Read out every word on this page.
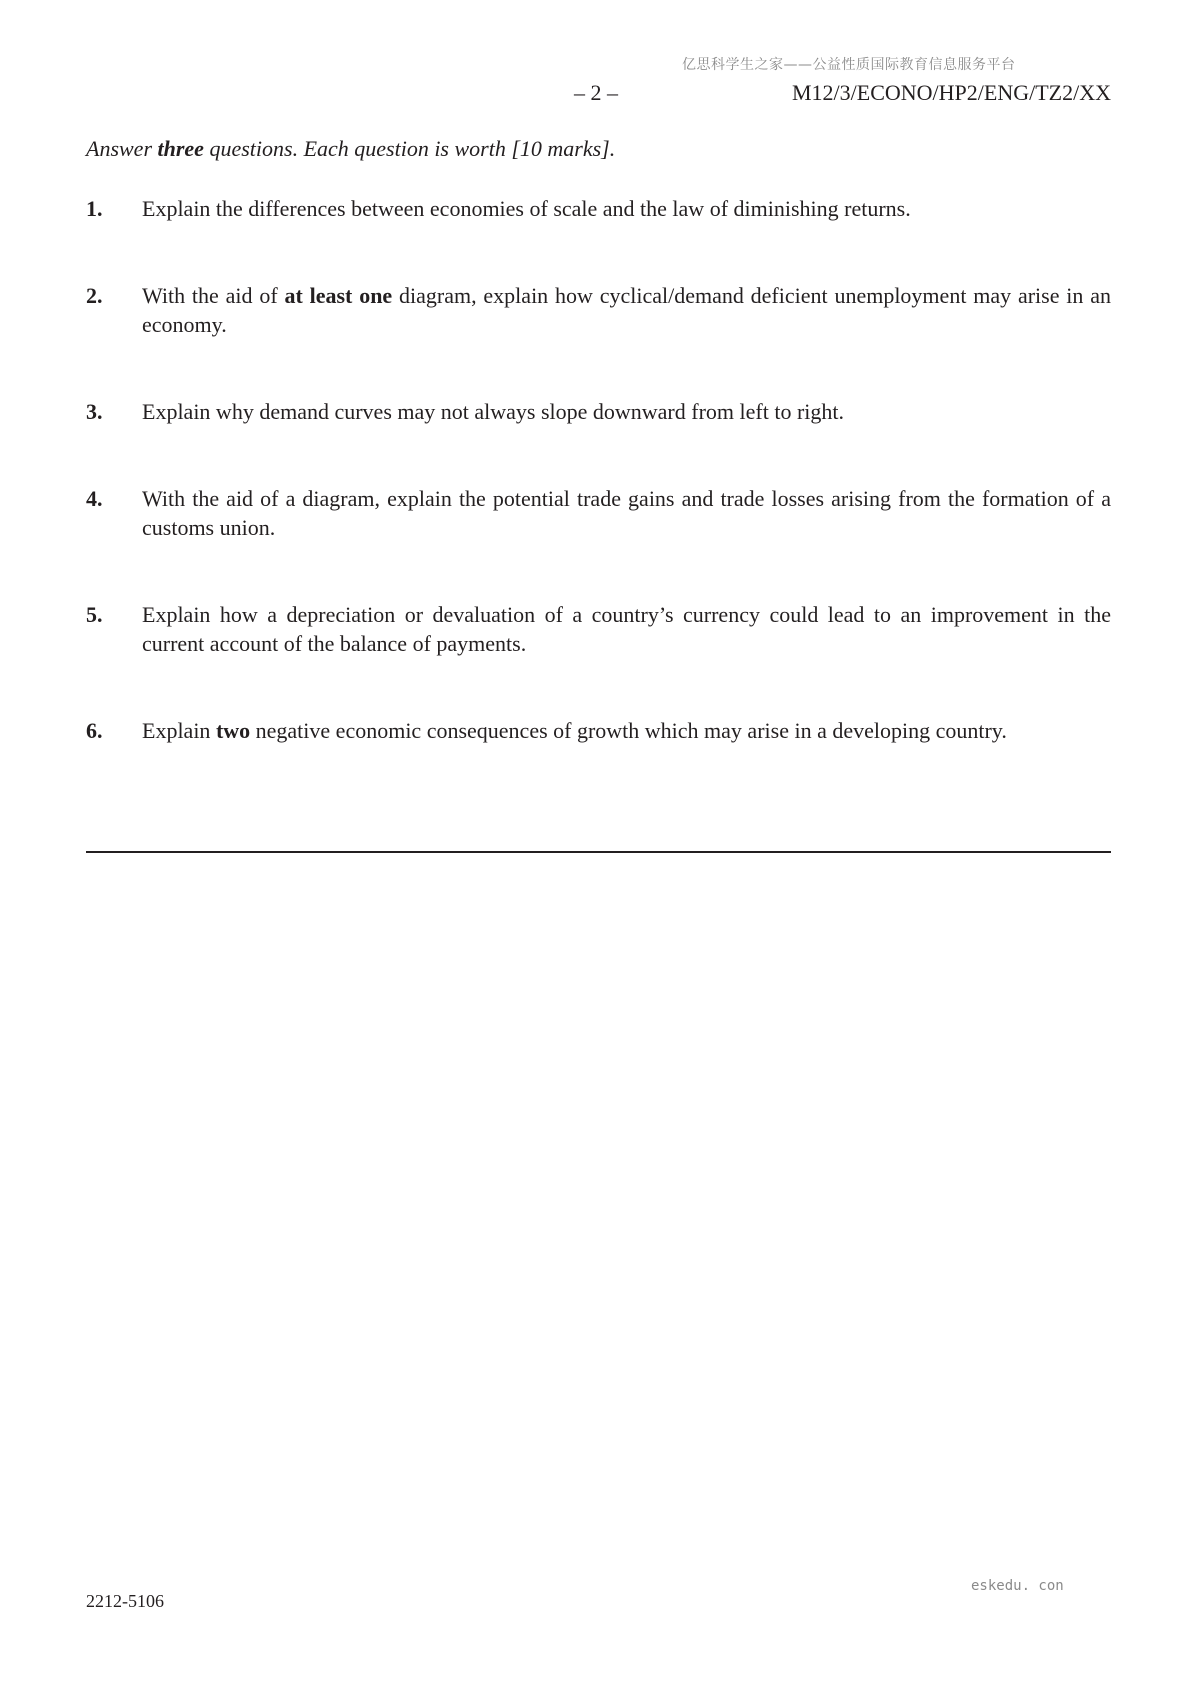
亿思科学生之家——公益性质国际教育信息服务平台
– 2 –	M12/3/ECONO/HP2/ENG/TZ2/XX
Answer three questions. Each question is worth [10 marks].
1. Explain the differences between economies of scale and the law of diminishing returns.
2. With the aid of at least one diagram, explain how cyclical/demand deficient unemployment may arise in an economy.
3. Explain why demand curves may not always slope downward from left to right.
4. With the aid of a diagram, explain the potential trade gains and trade losses arising from the formation of a customs union.
5. Explain how a depreciation or devaluation of a country’s currency could lead to an improvement in the current account of the balance of payments.
6. Explain two negative economic consequences of growth which may arise in a developing country.
2212-5106
eskedu. con
